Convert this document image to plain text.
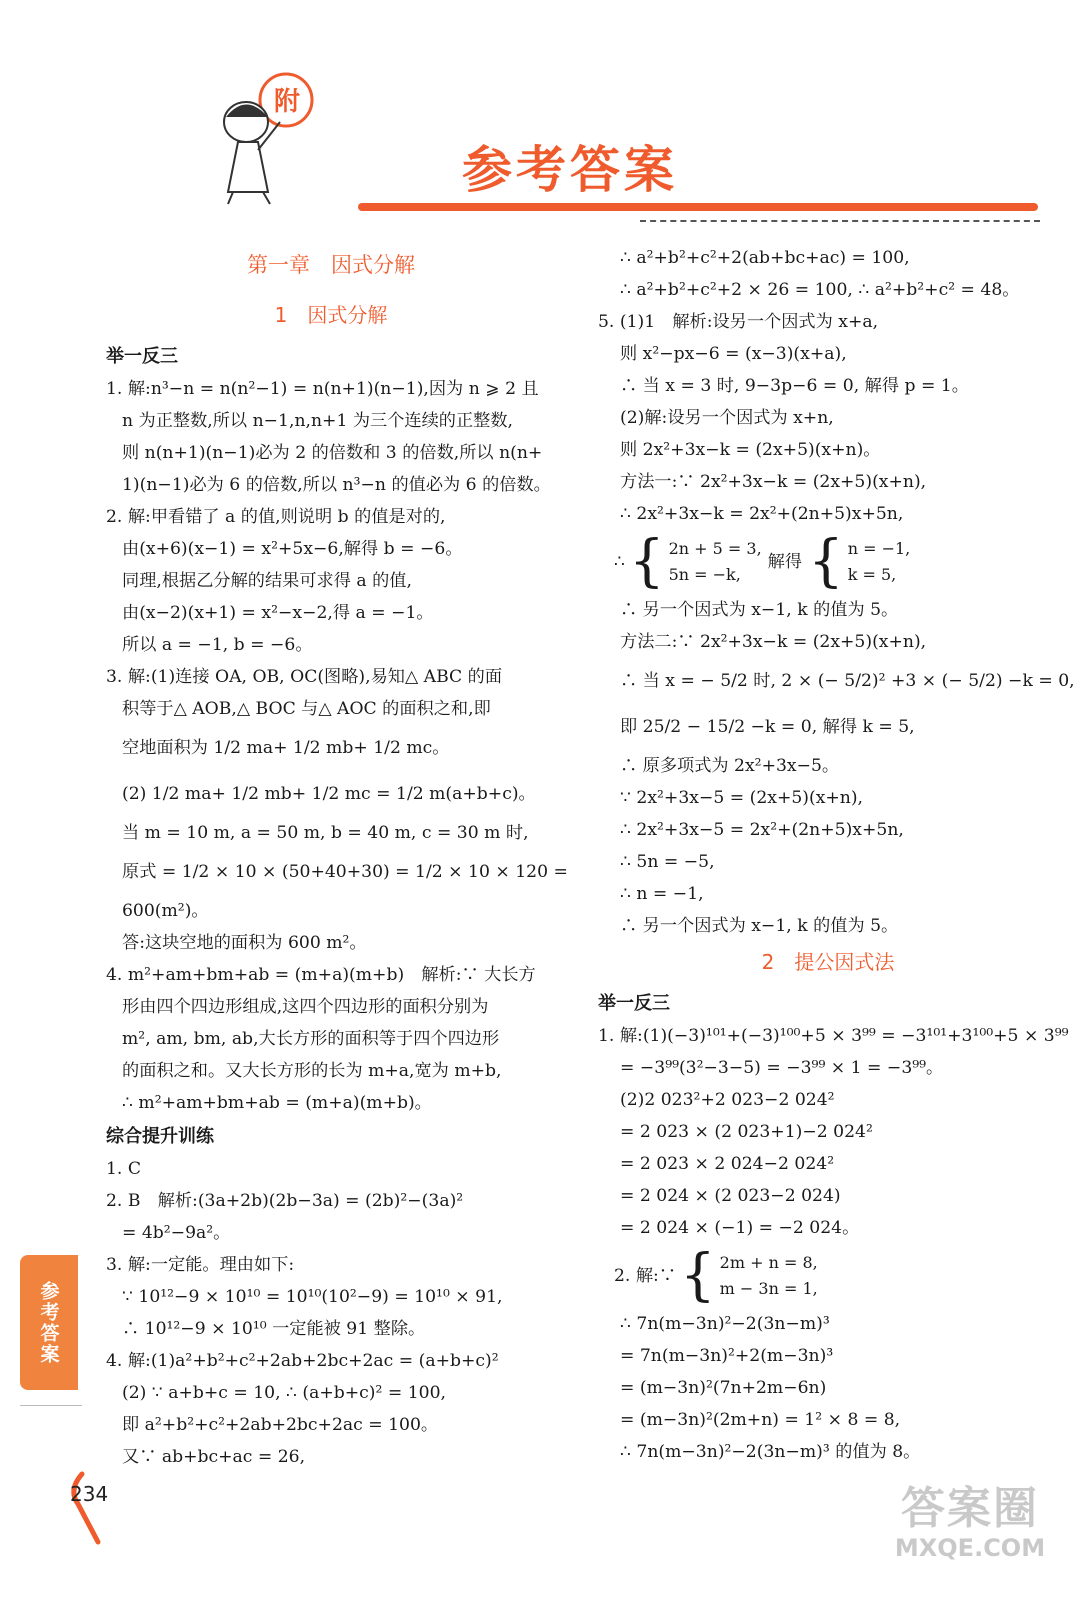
附
参考答案
第一章　因式分解
1　因式分解
举一反三
1. 解:n³−n = n(n²−1) = n(n+1)(n−1),因为 n ⩾ 2 且
n 为正整数,所以 n−1,n,n+1 为三个连续的正整数,
则 n(n+1)(n−1)必为 2 的倍数和 3 的倍数,所以 n(n+
1)(n−1)必为 6 的倍数,所以 n³−n 的值必为 6 的倍数。
2. 解:甲看错了 a 的值,则说明 b 的值是对的,
由(x+6)(x−1) = x²+5x−6,解得 b = −6。
同理,根据乙分解的结果可求得 a 的值,
由(x−2)(x+1) = x²−x−2,得 a = −1。
所以 a = −1, b = −6。
3. 解:(1)连接 OA, OB, OC(图略),易知△ ABC 的面
积等于△ AOB,△ BOC 与△ AOC 的面积之和,即
空地面积为 1/2 ma+ 1/2 mb+ 1/2 mc。
(2) 1/2 ma+ 1/2 mb+ 1/2 mc = 1/2 m(a+b+c)。
当 m = 10 m, a = 50 m, b = 40 m, c = 30 m 时,
原式 = 1/2 × 10 × (50+40+30) = 1/2 × 10 × 120 =
600(m²)。
答:这块空地的面积为 600 m²。
4. m²+am+bm+ab = (m+a)(m+b)　解析:∵ 大长方
形由四个四边形组成,这四个四边形的面积分别为
m², am, bm, ab,大长方形的面积等于四个四边形
的面积之和。又大长方形的长为 m+a,宽为 m+b,
∴ m²+am+bm+ab = (m+a)(m+b)。
综合提升训练
1. C
2. B　解析:(3a+2b)(2b−3a) = (2b)²−(3a)²
= 4b²−9a²。
3. 解:一定能。理由如下:
∵ 10¹²−9 × 10¹⁰ = 10¹⁰(10²−9) = 10¹⁰ × 91,
∴ 10¹²−9 × 10¹⁰ 一定能被 91 整除。
4. 解:(1)a²+b²+c²+2ab+2bc+2ac = (a+b+c)²
(2) ∵ a+b+c = 10, ∴ (a+b+c)² = 100,
即 a²+b²+c²+2ab+2bc+2ac = 100。
又∵ ab+bc+ac = 26,
∴ a²+b²+c²+2(ab+bc+ac) = 100,
∴ a²+b²+c²+2 × 26 = 100, ∴ a²+b²+c² = 48。
5. (1)1　解析:设另一个因式为 x+a,
则 x²−px−6 = (x−3)(x+a),
∴ 当 x = 3 时, 9−3p−6 = 0, 解得 p = 1。
(2)解:设另一个因式为 x+n,
则 2x²+3x−k = (2x+5)(x+n)。
方法一:∵ 2x²+3x−k = (2x+5)(x+n),
∴ 2x²+3x−k = 2x²+(2n+5)x+5n,
∴ { 2n + 5 = 3,
5n = −k,
解得 { n = −1,
k = 5,
∴ 另一个因式为 x−1, k 的值为 5。
方法二:∵ 2x²+3x−k = (2x+5)(x+n),
∴ 当 x = − 5/2 时, 2 × (− 5/2)² +3 × (− 5/2) −k = 0,
即 25/2 − 15/2 −k = 0, 解得 k = 5,
∴ 原多项式为 2x²+3x−5。
∵ 2x²+3x−5 = (2x+5)(x+n),
∴ 2x²+3x−5 = 2x²+(2n+5)x+5n,
∴ 5n = −5,
∴ n = −1,
∴ 另一个因式为 x−1, k 的值为 5。
2　提公因式法
举一反三
1. 解:(1)(−3)¹⁰¹+(−3)¹⁰⁰+5 × 3⁹⁹ = −3¹⁰¹+3¹⁰⁰+5 × 3⁹⁹
= −3⁹⁹(3²−3−5) = −3⁹⁹ × 1 = −3⁹⁹。
(2)2 023²+2 023−2 024²
= 2 023 × (2 023+1)−2 024²
= 2 023 × 2 024−2 024²
= 2 024 × (2 023−2 024)
= 2 024 × (−1) = −2 024。
2. 解:∵ { 2m + n = 8,
m − 3n = 1,
∴ 7n(m−3n)²−2(3n−m)³
= 7n(m−3n)²+2(m−3n)³
= (m−3n)²(7n+2m−6n)
= (m−3n)²(2m+n) = 1² × 8 = 8,
∴ 7n(m−3n)²−2(3n−m)³ 的值为 8。
参考答案
234	答案圈
MXQE.COM
